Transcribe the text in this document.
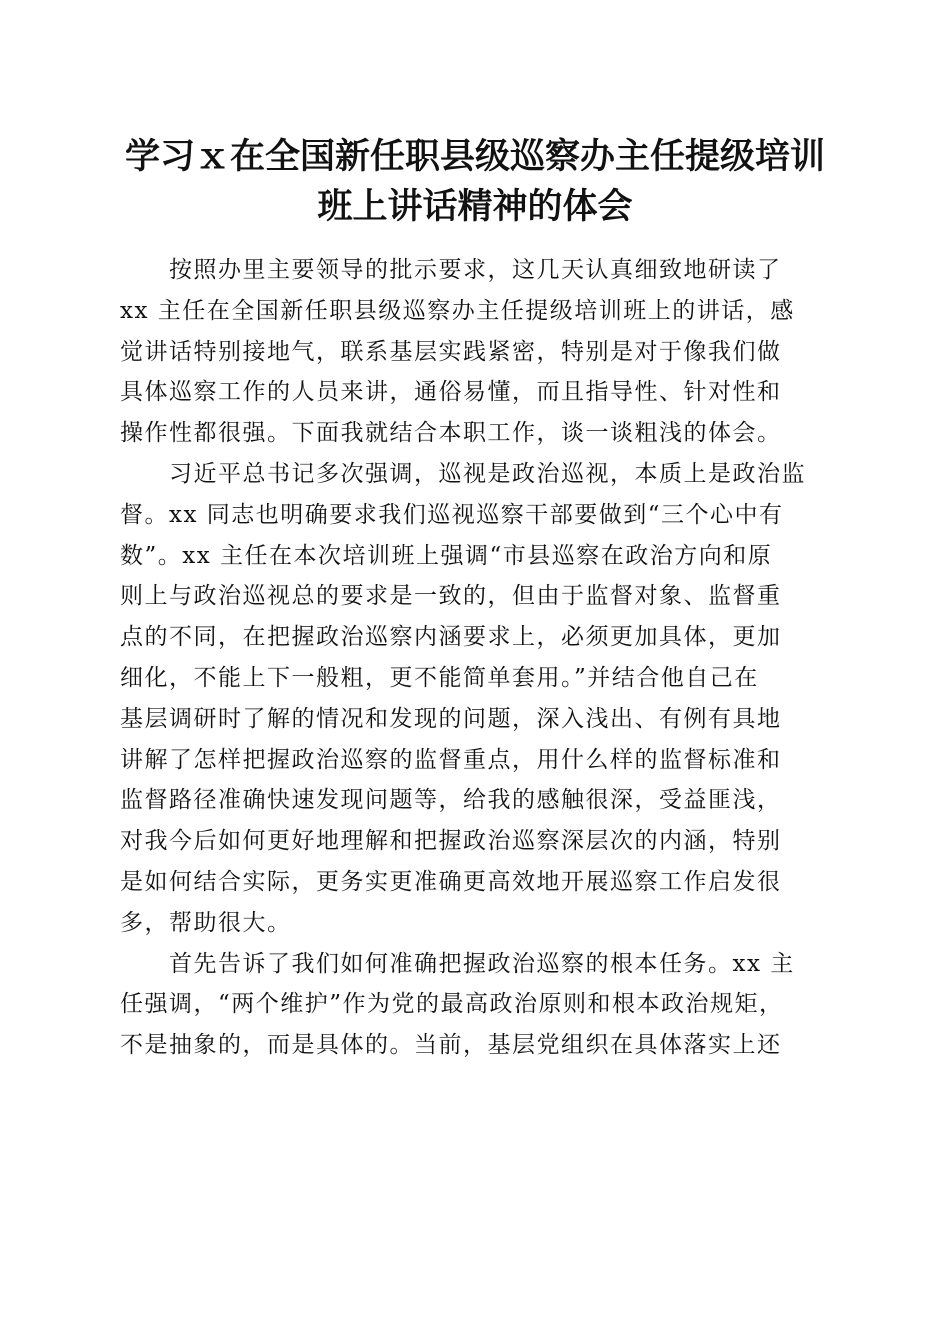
学习ｘ在全国新任职县级巡察办主任提级培训
班上讲话精神的体会

　　按照办里主要领导的批示要求，这几天认真细致地研读了
xx 主任在全国新任职县级巡察办主任提级培训班上的讲话，感
觉讲话特别接地气，联系基层实践紧密，特别是对于像我们做
具体巡察工作的人员来讲，通俗易懂，而且指导性、针对性和
操作性都很强。下面我就结合本职工作，谈一谈粗浅的体会。

　　习近平总书记多次强调，巡视是政治巡视，本质上是政治监
督。xx 同志也明确要求我们巡视巡察干部要做到“三个心中有
数”。xx 主任在本次培训班上强调“市县巡察在政治方向和原
则上与政治巡视总的要求是一致的，但由于监督对象、监督重
点的不同，在把握政治巡察内涵要求上，必须更加具体，更加
细化，不能上下一般粗，更不能简单套用。”并结合他自己在
基层调研时了解的情况和发现的问题，深入浅出、有例有具地
讲解了怎样把握政治巡察的监督重点，用什么样的监督标准和
监督路径准确快速发现问题等，给我的感触很深，受益匪浅，
对我今后如何更好地理解和把握政治巡察深层次的内涵，特别
是如何结合实际，更务实更准确更高效地开展巡察工作启发很
多，帮助很大。

　　首先告诉了我们如何准确把握政治巡察的根本任务。xx 主
任强调，“两个维护”作为党的最高政治原则和根本政治规矩，
不是抽象的，而是具体的。当前，基层党组织在具体落实上还
